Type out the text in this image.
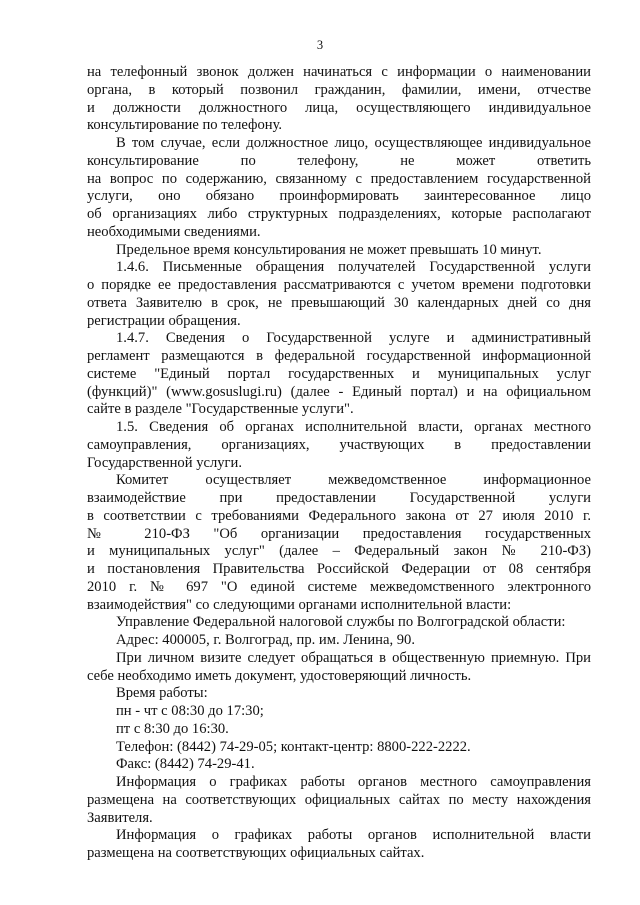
3
на телефонный звонок должен начинаться с информации о наименовании
органа, в который позвонил гражданин, фамилии, имени, отчестве
и должности должностного лица, осуществляющего индивидуальное
консультирование по телефону.
В том случае, если должностное лицо, осуществляющее индивидуальное
консультирование по телефону, не может ответить
на вопрос по содержанию, связанному с предоставлением государственной
услуги, оно обязано проинформировать заинтересованное лицо
об организациях либо структурных подразделениях, которые располагают
необходимыми сведениями.
Предельное время консультирования не может превышать 10 минут.
1.4.6. Письменные обращения получателей Государственной услуги
о порядке ее предоставления рассматриваются с учетом времени подготовки
ответа Заявителю в срок, не превышающий 30 календарных дней со дня
регистрации обращения.
1.4.7. Сведения о Государственной услуге и административный
регламент размещаются в федеральной государственной информационной
системе "Единый портал государственных и муниципальных услуг
(функций)" (www.gosuslugi.ru) (далее - Единый портал) и на официальном
сайте в разделе "Государственные услуги".
1.5. Сведения об органах исполнительной власти, органах местного
самоуправления, организациях, участвующих в предоставлении
Государственной услуги.
Комитет осуществляет межведомственное информационное
взаимодействие при предоставлении Государственной услуги
в соответствии с требованиями Федерального закона от 27 июля 2010 г.
№ 210-ФЗ "Об организации предоставления государственных
и муниципальных услуг" (далее – Федеральный закон № 210-ФЗ)
и постановления Правительства Российской Федерации от 08 сентября
2010 г. № 697 "О единой системе межведомственного электронного
взаимодействия" со следующими органами исполнительной власти:
Управление Федеральной налоговой службы по Волгоградской области:
Адрес: 400005, г. Волгоград, пр. им. Ленина, 90.
При личном визите следует обращаться в общественную приемную. При
себе необходимо иметь документ, удостоверяющий личность.
Время работы:
пн - чт с 08:30 до 17:30;
пт с 8:30 до 16:30.
Телефон: (8442) 74-29-05; контакт-центр: 8800-222-2222.
Факс: (8442) 74-29-41.
Информация о графиках работы органов местного самоуправления
размещена на соответствующих официальных сайтах по месту нахождения
Заявителя.
Информация о графиках работы органов исполнительной власти
размещена на соответствующих официальных сайтах.
